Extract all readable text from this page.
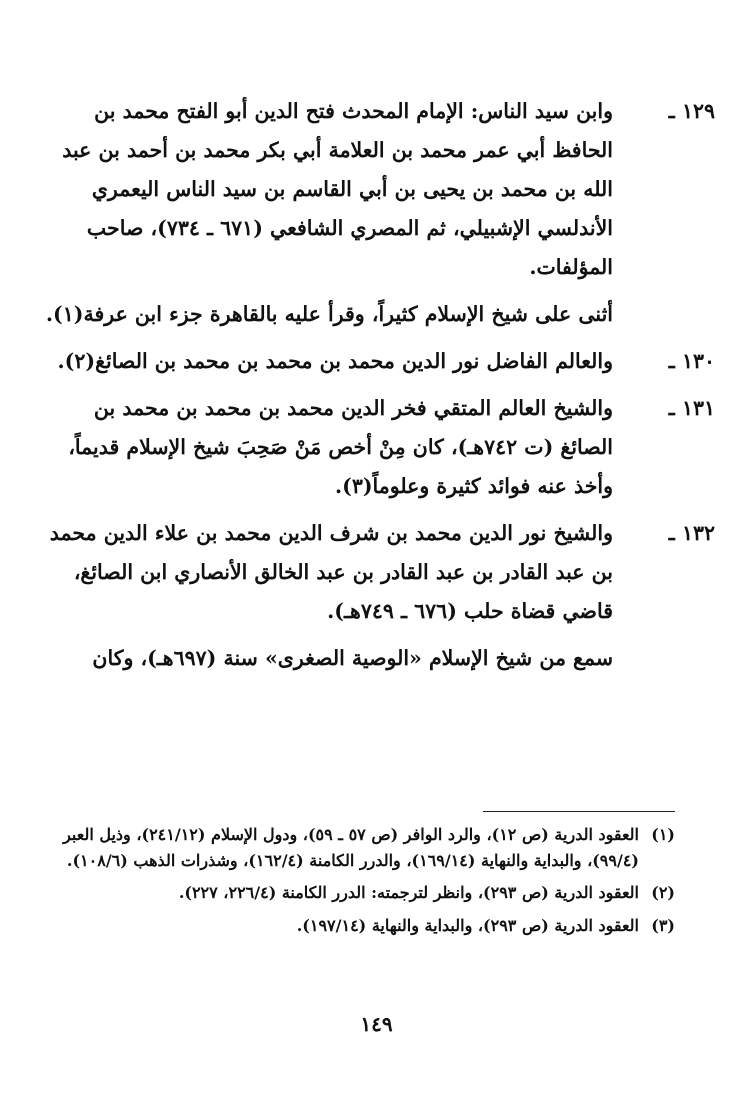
١٢٩ ـ
وابن سيد الناس: الإمام المحدث فتح الدين أبو الفتح محمد بن الحافظ أبي عمر محمد بن العلامة أبي بكر محمد بن أحمد بن عبد الله بن محمد بن يحيى بن أبي القاسم بن سيد الناس اليعمري الأندلسي الإشبيلي، ثم المصري الشافعي (٦٧١ ـ ٧٣٤)، صاحب المؤلفات.
أثنى على شيخ الإسلام كثيراً، وقرأ عليه بالقاهرة جزء ابن عرفة(١).
١٣٠ ـ
والعالم الفاضل نور الدين محمد بن محمد بن محمد بن الصائغ(٢).
١٣١ ـ
والشيخ العالم المتقي فخر الدين محمد بن محمد بن محمد بن الصائغ (ت ٧٤٢هـ)، كان مِنْ أخص مَنْ صَحِبَ شيخ الإسلام قديماً، وأخذ عنه فوائد كثيرة وعلوماً(٣).
١٣٢ ـ
والشيخ نور الدين محمد بن شرف الدين محمد بن علاء الدين محمد بن عبد القادر بن عبد القادر بن عبد الخالق الأنصاري ابن الصائغ، قاضي قضاة حلب (٦٧٦ ـ ٧٤٩هـ).
سمع من شيخ الإسلام «الوصية الصغرى» سنة (٦٩٧هـ)، وكان
(١)
العقود الدرية (ص ١٢)، والرد الوافر (ص ٥٧ ـ ٥٩)، ودول الإسلام (٢٤١/١٢)، وذيل العبر (٩٩/٤)، والبداية والنهاية (١٦٩/١٤)، والدرر الكامنة (١٦٢/٤)، وشذرات الذهب (١٠٨/٦).
(٢)
العقود الدرية (ص ٢٩٣)، وانظر لترجمته: الدرر الكامنة (٢٢٦/٤، ٢٢٧).
(٣)
العقود الدرية (ص ٢٩٣)، والبداية والنهاية (١٩٧/١٤).
١٤٩
